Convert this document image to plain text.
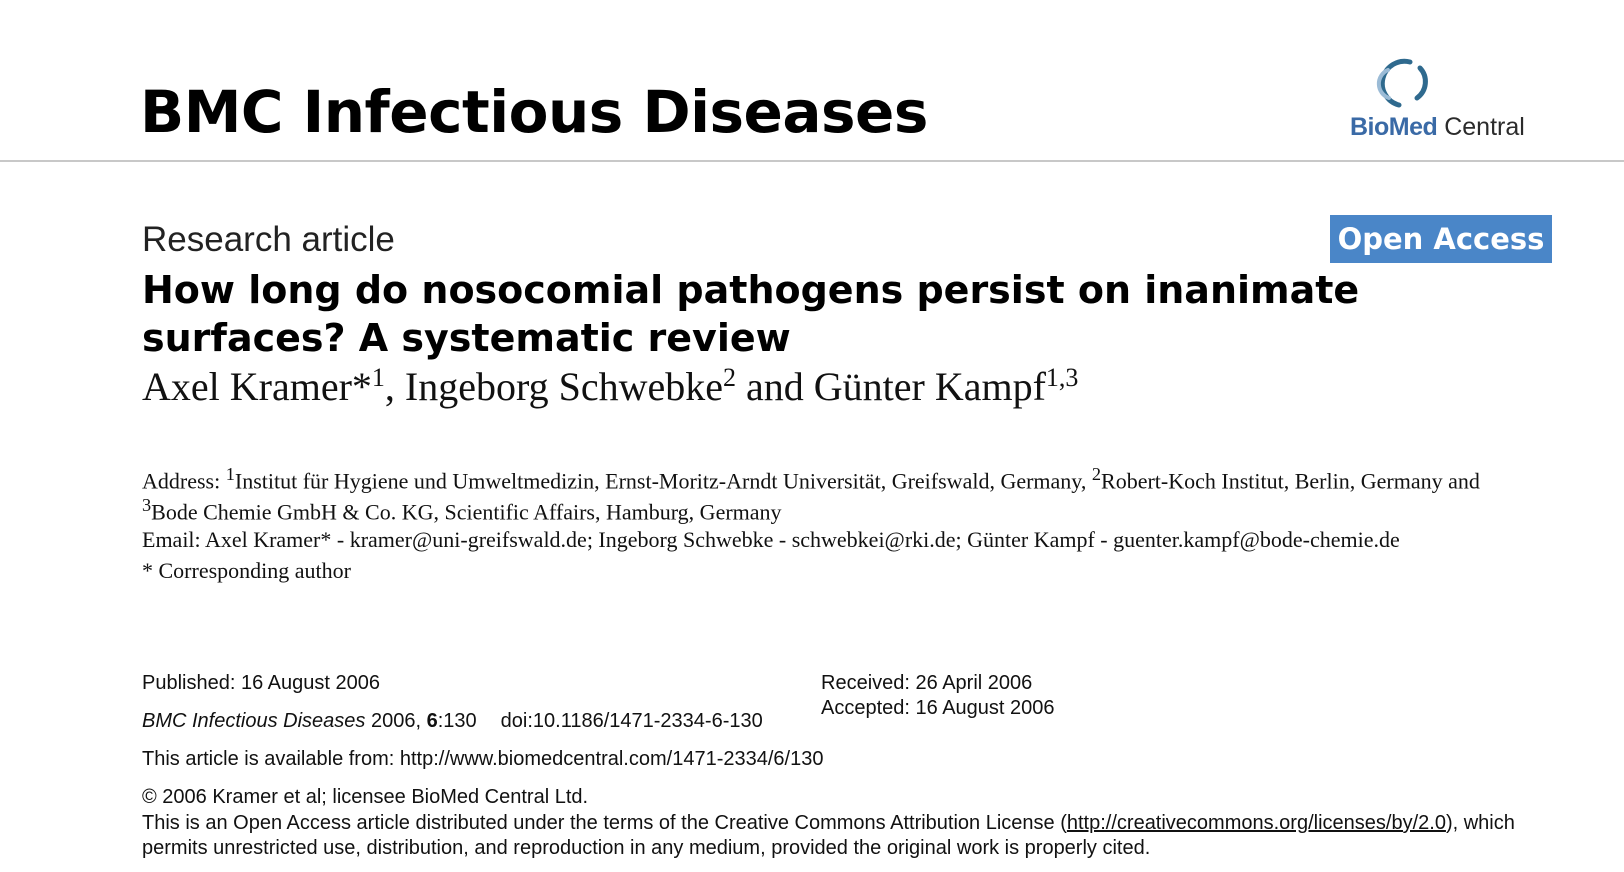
BMC Infectious Diseases	BioMed Central
Open Access
Research article
How long do nosocomial pathogens persist on inanimate surfaces? A systematic review
Axel Kramer*$^1$, Ingeborg Schwebke$^2$ and Günter Kampf$^{1,3}$
Address: $^1$Institut für Hygiene und Umweltmedizin, Ernst-Moritz-Arndt Universität, Greifswald, Germany, $^2$Robert-Koch Institut, Berlin, Germany and $^3$Bode Chemie GmbH & Co. KG, Scientific Affairs, Hamburg, Germany
Email: Axel Kramer* - kramer@uni-greifswald.de; Ingeborg Schwebke - schwebkei@rki.de; Günter Kampf - guenter.kampf@bode-chemie.de
* Corresponding author
Published: 16 August 2006	Received: 26 April 2006
Accepted: 16 August 2006
BMC Infectious Diseases 2006, 6:130 doi:10.1186/1471-2334-6-130
This article is available from: http://www.biomedcentral.com/1471-2334/6/130
© 2006 Kramer et al; licensee BioMed Central Ltd.
This is an Open Access article distributed under the terms of the Creative Commons Attribution License (http://creativecommons.org/licenses/by/2.0), which permits unrestricted use, distribution, and reproduction in any medium, provided the original work is properly cited.
